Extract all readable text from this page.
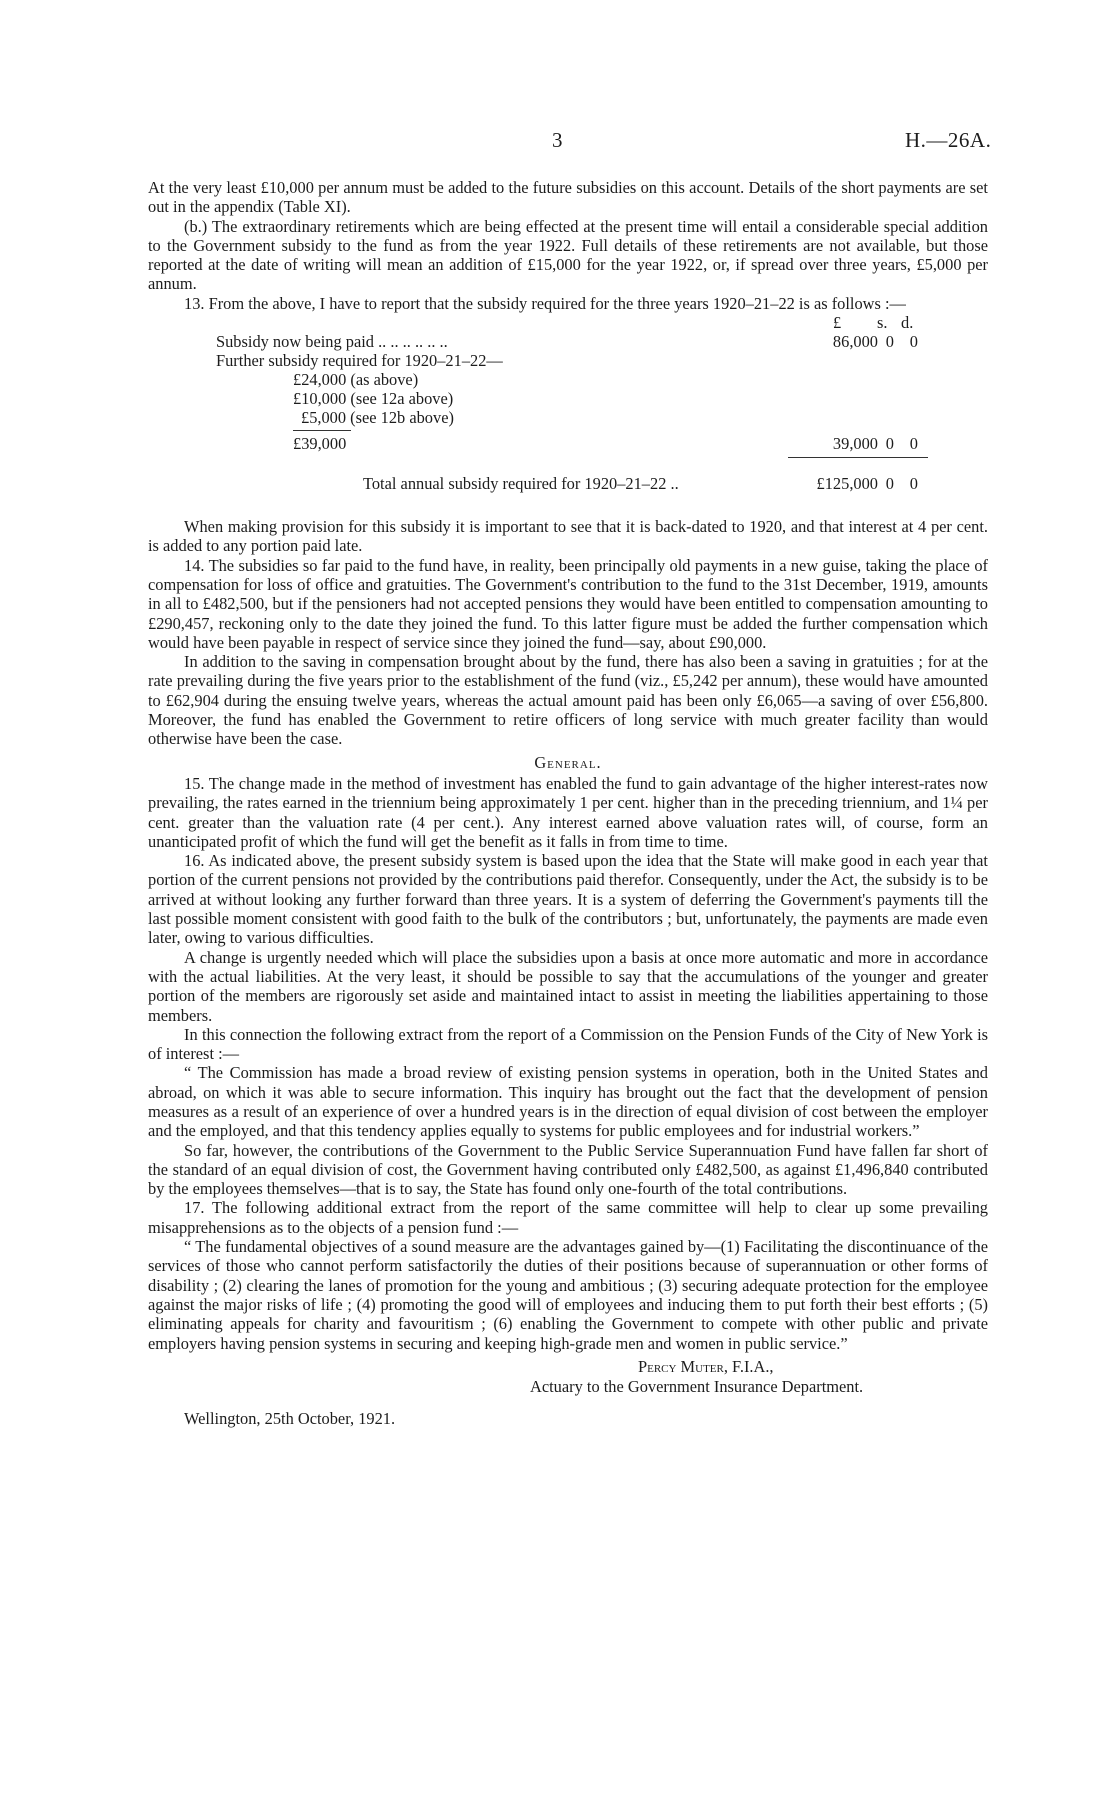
3	H.—26A.

At the very least £10,000 per annum must be added to the future subsidies on this account. Details of the short payments are set out in the appendix (Table XI).

(b.) The extraordinary retirements which are being effected at the present time will entail a considerable special addition to the Government subsidy to the fund as from the year 1922. Full details of these retirements are not available, but those reported at the date of writing will mean an addition of £15,000 for the year 1922, or, if spread over three years, £5,000 per annum.

13. From the above, I have to report that the subsidy required for the three years 1920–21–22 is as follows :—

£ s. d.
Subsidy now being paid .. .. .. .. .. ..	86,000 0 0
Further subsidy required for 1920–21–22—
£24,000 (as above)
£10,000 (see 12a above)
£5,000 (see 12b above)
£39,000	39,000 0 0
Total annual subsidy required for 1920–21–22 ..	£125,000 0 0

When making provision for this subsidy it is important to see that it is back-dated to 1920, and that interest at 4 per cent. is added to any portion paid late.

14. The subsidies so far paid to the fund have, in reality, been principally old payments in a new guise, taking the place of compensation for loss of office and gratuities. The Government's contribution to the fund to the 31st December, 1919, amounts in all to £482,500, but if the pensioners had not accepted pensions they would have been entitled to compensation amounting to £290,457, reckoning only to the date they joined the fund. To this latter figure must be added the further compensation which would have been payable in respect of service since they joined the fund—say, about £90,000.

In addition to the saving in compensation brought about by the fund, there has also been a saving in gratuities ; for at the rate prevailing during the five years prior to the establishment of the fund (viz., £5,242 per annum), these would have amounted to £62,904 during the ensuing twelve years, whereas the actual amount paid has been only £6,065—a saving of over £56,800. Moreover, the fund has enabled the Government to retire officers of long service with much greater facility than would otherwise have been the case.

General.

15. The change made in the method of investment has enabled the fund to gain advantage of the higher interest-rates now prevailing, the rates earned in the triennium being approximately 1 per cent. higher than in the preceding triennium, and 1¼ per cent. greater than the valuation rate (4 per cent.). Any interest earned above valuation rates will, of course, form an unanticipated profit of which the fund will get the benefit as it falls in from time to time.

16. As indicated above, the present subsidy system is based upon the idea that the State will make good in each year that portion of the current pensions not provided by the contributions paid therefor. Consequently, under the Act, the subsidy is to be arrived at without looking any further forward than three years. It is a system of deferring the Government's payments till the last possible moment consistent with good faith to the bulk of the contributors ; but, unfortunately, the payments are made even later, owing to various difficulties.

A change is urgently needed which will place the subsidies upon a basis at once more automatic and more in accordance with the actual liabilities. At the very least, it should be possible to say that the accumulations of the younger and greater portion of the members are rigorously set aside and maintained intact to assist in meeting the liabilities appertaining to those members.

In this connection the following extract from the report of a Commission on the Pension Funds of the City of New York is of interest :—

“ The Commission has made a broad review of existing pension systems in operation, both in the United States and abroad, on which it was able to secure information. This inquiry has brought out the fact that the development of pension measures as a result of an experience of over a hundred years is in the direction of equal division of cost between the employer and the employed, and that this tendency applies equally to systems for public employees and for industrial workers.”

So far, however, the contributions of the Government to the Public Service Superannuation Fund have fallen far short of the standard of an equal division of cost, the Government having contributed only £482,500, as against £1,496,840 contributed by the employees themselves—that is to say, the State has found only one-fourth of the total contributions.

17. The following additional extract from the report of the same committee will help to clear up some prevailing misapprehensions as to the objects of a pension fund :—

“ The fundamental objectives of a sound measure are the advantages gained by—(1) Facilitating the discontinuance of the services of those who cannot perform satisfactorily the duties of their positions because of superannuation or other forms of disability ; (2) clearing the lanes of promotion for the young and ambitious ; (3) securing adequate protection for the employee against the major risks of life ; (4) promoting the good will of employees and inducing them to put forth their best efforts ; (5) eliminating appeals for charity and favouritism ; (6) enabling the Government to compete with other public and private employers having pension systems in securing and keeping high-grade men and women in public service.”

Percy Muter, F.I.A.,
Actuary to the Government Insurance Department.
Wellington, 25th October, 1921.
